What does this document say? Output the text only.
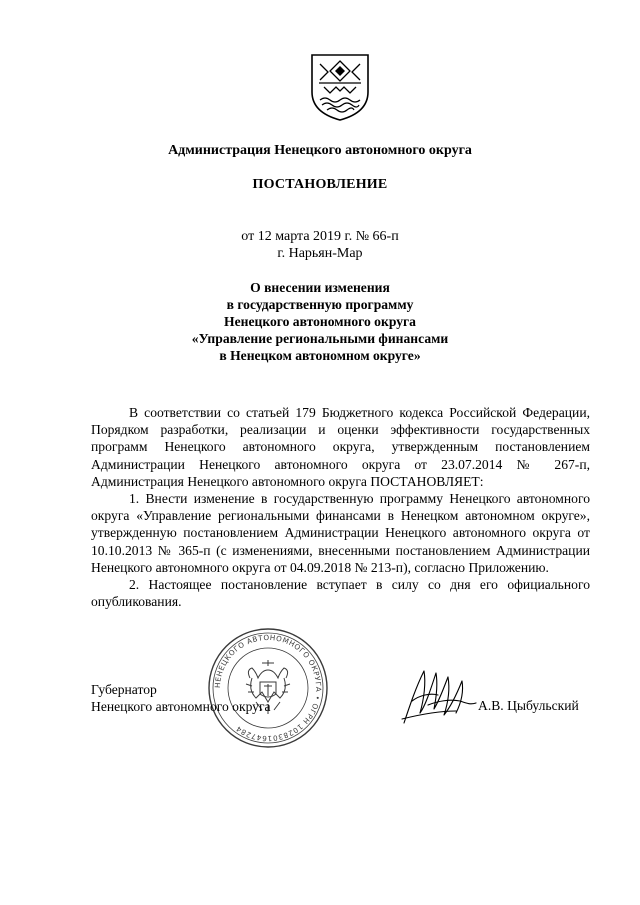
Администрация Ненецкого автономного округа
ПОСТАНОВЛЕНИЕ
от 12 марта 2019 г. № 66-п
г. Нарьян-Мар
О внесении изменения
в государственную программу
Ненецкого автономного округа
«Управление региональными финансами
в Ненецком автономном округе»

В соответствии со статьей 179 Бюджетного кодекса Российской Федерации, Порядком разработки, реализации и оценки эффективности государственных программ Ненецкого автономного округа, утвержденным постановлением Администрации Ненецкого автономного округа от 23.07.2014 № 267-п, Администрация Ненецкого автономного округа ПОСТАНОВЛЯЕТ:

1. Внести изменение в государственную программу Ненецкого автономного округа «Управление региональными финансами в Ненецком автономном округе», утвержденную постановлением Администрации Ненецкого автономного округа от 10.10.2013 № 365-п (с изменениями, внесенными постановлением Администрации Ненецкого автономного округа от 04.09.2018 № 213-п), согласно Приложению.

2. Настоящее постановление вступает в силу со дня его официального опубликования.

НЕНЕЦКОГО АВТОНОМНОГО ОКРУГА • ОГРН 1028301647284
Губернатор
Ненецкого автономного округа	А.В. Цыбульский
